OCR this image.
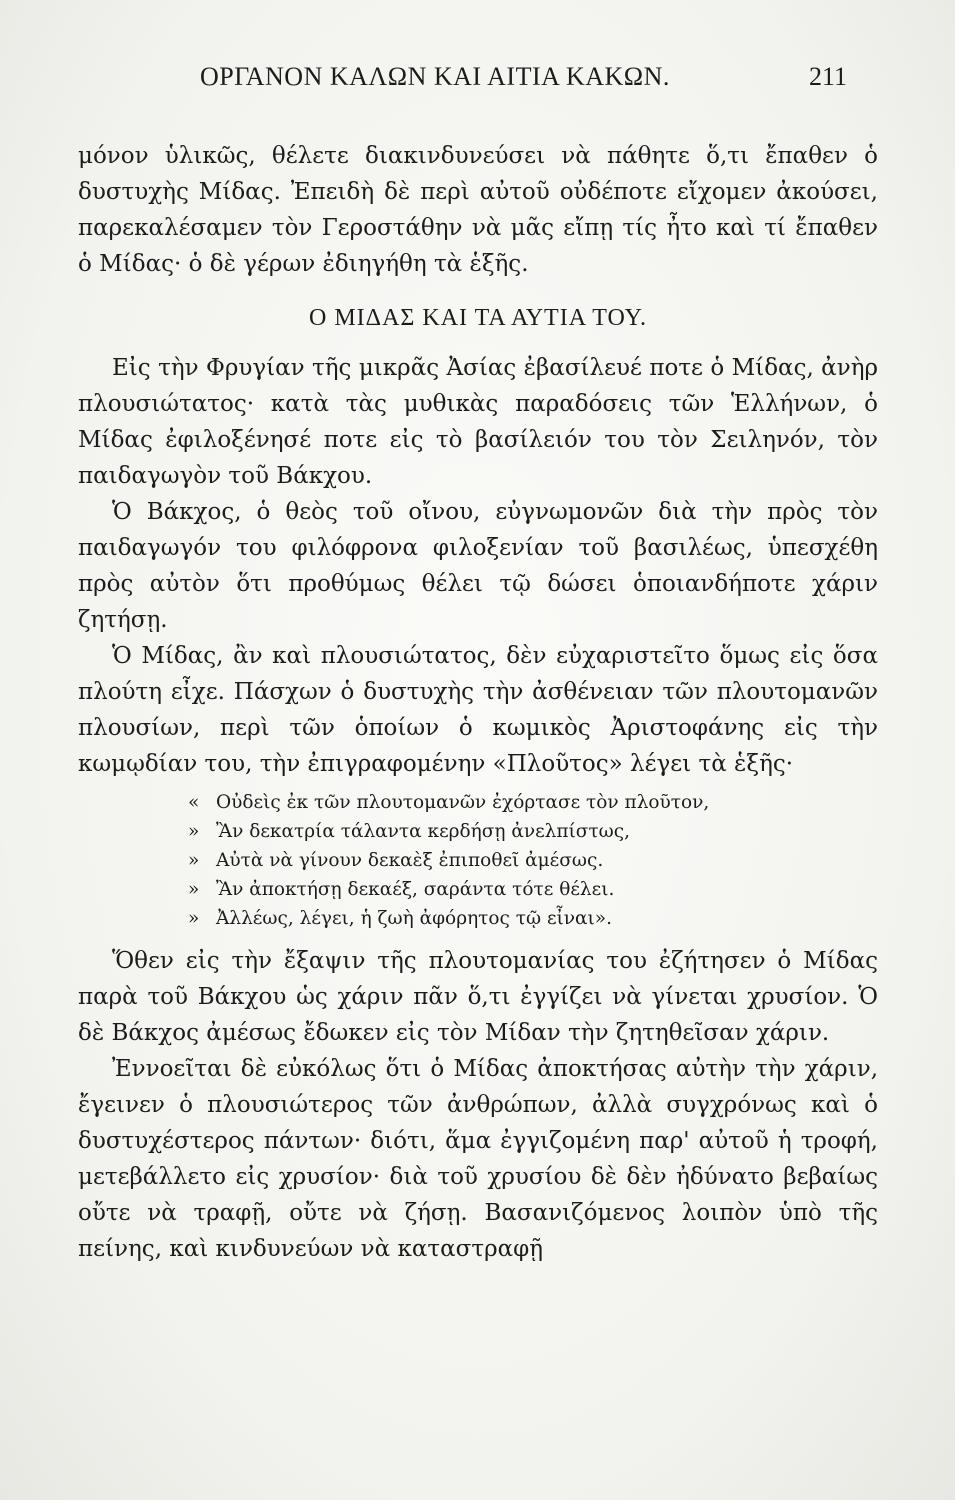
ΟΡΓΑΝΟΝ ΚΑΛΩΝ ΚΑΙ ΑΙΤΙΑ ΚΑΚΩΝ.	211

μόνον ὑλικῶς, θέλετε διακινδυνεύσει νὰ πάθητε ὅ,τι ἔπαθεν ὁ δυστυχὴς Μίδας. Ἐπειδὴ δὲ περὶ αὐτοῦ οὐδέποτε εἴχομεν ἀκούσει, παρεκαλέσαμεν τὸν Γεροστάθην νὰ μᾶς εἴπῃ τίς ἦτο καὶ τί ἔπαθεν ὁ Μίδας· ὁ δὲ γέρων ἐδιηγήθη τὰ ἑξῆς.

Ο ΜΙΔΑΣ ΚΑΙ ΤΑ ΑΥΤΙΑ ΤΟΥ.

Εἰς τὴν Φρυγίαν τῆς μικρᾶς Ἀσίας ἐβασίλευέ ποτε ὁ Μίδας, ἀνὴρ πλουσιώτατος· κατὰ τὰς μυθικὰς παραδόσεις τῶν Ἑλλήνων, ὁ Μίδας ἐφιλοξένησέ ποτε εἰς τὸ βασίλειόν του τὸν Σειληνόν, τὸν παιδαγωγὸν τοῦ Βάκχου.

Ὁ Βάκχος, ὁ θεὸς τοῦ οἴνου, εὐγνωμονῶν διὰ τὴν πρὸς τὸν παιδαγωγόν του φιλόφρονα φιλοξενίαν τοῦ βασιλέως, ὑπεσχέθη πρὸς αὐτὸν ὅτι προθύμως θέλει τῷ δώσει ὁποιανδήποτε χάριν ζητήσῃ.

Ὁ Μίδας, ἂν καὶ πλουσιώτατος, δὲν εὐχαριστεῖτο ὅμως εἰς ὅσα πλούτη εἶχε. Πάσχων ὁ δυστυχὴς τὴν ἀσθένειαν τῶν πλουτομανῶν πλουσίων, περὶ τῶν ὁποίων ὁ κωμικὸς Ἀριστοφάνης εἰς τὴν κωμῳδίαν του, τὴν ἐπιγραφομένην «Πλοῦτος» λέγει τὰ ἑξῆς·

« Οὐδεὶς ἐκ τῶν πλουτομανῶν ἐχόρτασε τὸν πλοῦτον,
» Ἂν δεκατρία τάλαντα κερδήσῃ ἀνελπίστως,
» Αὐτὰ νὰ γίνουν δεκαὲξ ἐπιποθεῖ ἀμέσως.
» Ἂν ἀποκτήσῃ δεκαέξ, σαράντα τότε θέλει.
» Ἀλλέως, λέγει, ἡ ζωὴ ἀφόρητος τῷ εἶναι».

Ὅθεν εἰς τὴν ἔξαψιν τῆς πλουτομανίας του ἐζήτησεν ὁ Μίδας παρὰ τοῦ Βάκχου ὡς χάριν πᾶν ὅ,τι ἐγγίζει νὰ γίνεται χρυσίον. Ὁ δὲ Βάκχος ἀμέσως ἔδωκεν εἰς τὸν Μίδαν τὴν ζητηθεῖσαν χάριν.

Ἐννοεῖται δὲ εὐκόλως ὅτι ὁ Μίδας ἀποκτήσας αὐτὴν τὴν χάριν, ἔγεινεν ὁ πλουσιώτερος τῶν ἀνθρώπων, ἀλλὰ συγχρόνως καὶ ὁ δυστυχέστερος πάντων· διότι, ἅμα ἐγγιζομένη παρ' αὐτοῦ ἡ τροφή, μετεβάλλετο εἰς χρυσίον· διὰ τοῦ χρυσίου δὲ δὲν ἠδύνατο βεβαίως οὔτε νὰ τραφῇ, οὔτε νὰ ζήσῃ. Βασανιζόμενος λοιπὸν ὑπὸ τῆς πείνης, καὶ κινδυνεύων νὰ καταστραφῇ
